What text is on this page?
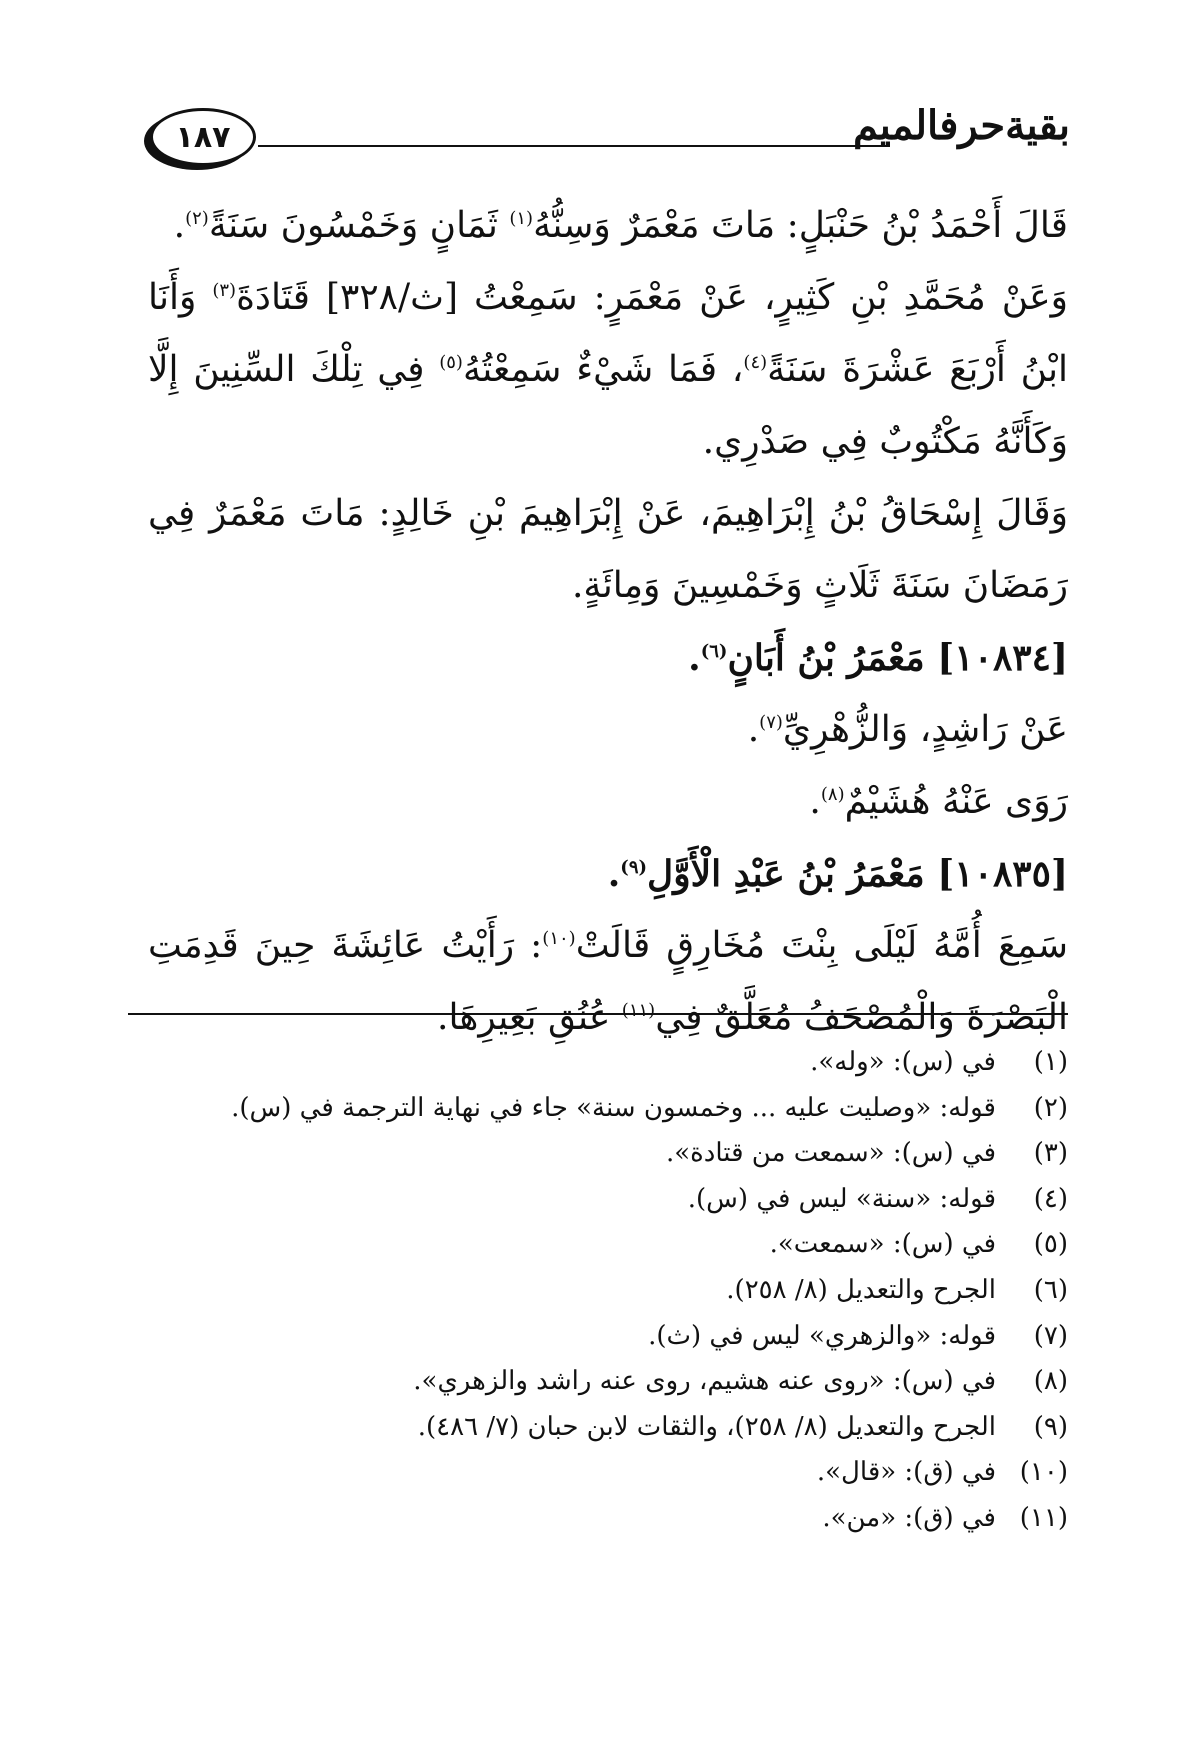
١٨٧	بقيةحرفالميم

قَالَ أَحْمَدُ بْنُ حَنْبَلٍ: مَاتَ مَعْمَرٌ وَسِنُّهُ$^{(١)}$ ثَمَانٍ وَخَمْسُونَ سَنَةً$^{(٢)}$.

وَعَنْ مُحَمَّدِ بْنِ كَثِيرٍ، عَنْ مَعْمَرٍ: سَمِعْتُ [ث/٣٢٨] قَتَادَةَ$^{(٣)}$ وَأَنَا ابْنُ أَرْبَعَ عَشْرَةَ سَنَةً$^{(٤)}$، فَمَا شَيْءٌ سَمِعْتُهُ$^{(٥)}$ فِي تِلْكَ السِّنِينَ إِلَّا وَكَأَنَّهُ مَكْتُوبٌ فِي صَدْرِي.

وَقَالَ إِسْحَاقُ بْنُ إِبْرَاهِيمَ، عَنْ إِبْرَاهِيمَ بْنِ خَالِدٍ: مَاتَ مَعْمَرٌ فِي رَمَضَانَ سَنَةَ ثَلَاثٍ وَخَمْسِينَ وَمِائَةٍ.

[١٠٨٣٤] مَعْمَرُ بْنُ أَبَانٍ$^{(٦)}$.

عَنْ رَاشِدٍ، وَالزُّهْرِيِّ$^{(٧)}$.

رَوَى عَنْهُ هُشَيْمٌ$^{(٨)}$.

[١٠٨٣٥] مَعْمَرُ بْنُ عَبْدِ الْأَوَّلِ$^{(٩)}$.

سَمِعَ أُمَّهُ لَيْلَى بِنْتَ مُخَارِقٍ قَالَتْ$^{(١٠)}$: رَأَيْتُ عَائِشَةَ حِينَ قَدِمَتِ الْبَصْرَةَ وَالْمُصْحَفُ مُعَلَّقٌ فِي$^{(١١)}$ عُنُقِ بَعِيرِهَا.

(١)
في (س): «وله».
(٢)
قوله: «وصليت عليه ... وخمسون سنة» جاء في نهاية الترجمة في (س).
(٣)
في (س): «سمعت من قتادة».
(٤)
قوله: «سنة» ليس في (س).
(٥)
في (س): «سمعت».
(٦)
الجرح والتعديل (٨/ ٢٥٨).
(٧)
قوله: «والزهري» ليس في (ث).
(٨)
في (س): «روى عنه هشيم، روى عنه راشد والزهري».
(٩)
الجرح والتعديل (٨/ ٢٥٨)، والثقات لابن حبان (٧/ ٤٨٦).
(١٠)
في (ق): «قال».
(١١)
في (ق): «من».
